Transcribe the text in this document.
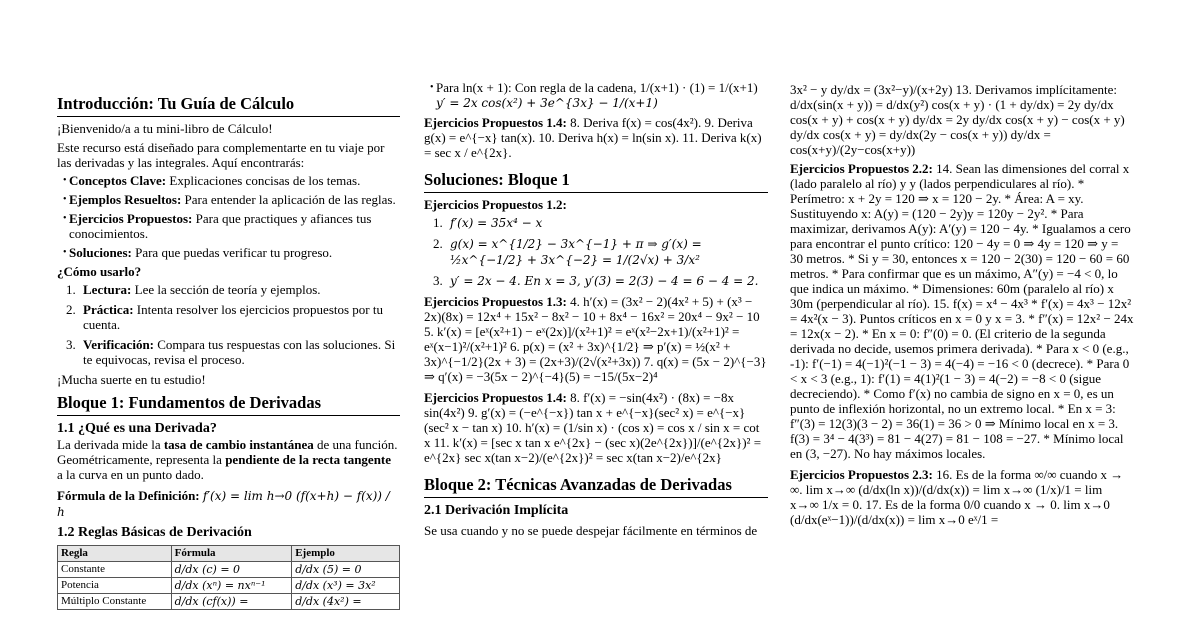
Introducción: Tu Guía de Cálculo

¡Bienvenido/a a tu mini-libro de Cálculo!

Este recurso está diseñado para complementarte en tu viaje por las derivadas y las integrales. Aquí encontrarás:

• Conceptos Clave: Explicaciones concisas de los temas.
• Ejemplos Resueltos: Para entender la aplicación de las reglas.
• Ejercicios Propuestos: Para que practiques y afiances tus conocimientos.
• Soluciones: Para que puedas verificar tu progreso.

¿Cómo usarlo?

1. Lectura: Lee la sección de teoría y ejemplos.
2. Práctica: Intenta resolver los ejercicios propuestos por tu cuenta.
3. Verificación: Compara tus respuestas con las soluciones. Si te equivocas, revisa el proceso.

¡Mucha suerte en tu estudio!

Bloque 1: Fundamentos de Derivadas
1.1 ¿Qué es una Derivada?

La derivada mide la tasa de cambio instantánea de una función. Geométricamente, representa la pendiente de la recta tangente a la curva en un punto dado.

Fórmula de la Definición: f′(x) = lim h→0 (f(x+h) − f(x)) / h

1.2 Reglas Básicas de Derivación
Regla	Fórmula	Ejemplo
Constante	d/dx (c) = 0	d/dx (5) = 0
Potencia	d/dx (xⁿ) = nxⁿ⁻¹	d/dx (x³) = 3x²
Múltiplo Constante	d/dx (cf(x)) =	d/dx (4x²) =
• Para ln(x + 1): Con regla de la cadena, 1/(x+1) · (1) = 1/(x+1)

y′ = 2x cos(x²) + 3e^{3x} − 1/(x+1)

Ejercicios Propuestos 1.4: 8. Deriva f(x) = cos(4x²). 9. Deriva g(x) = e^{−x} tan(x). 10. Deriva h(x) = ln(sin x). 11. Deriva k(x) = sec x / e^{2x}.

Soluciones: Bloque 1

Ejercicios Propuestos 1.2:

1. f′(x) = 35x⁴ − x
2. g(x) = x^{1/2} − 3x^{−1} + π ⇒ g′(x) = ½x^{−1/2} + 3x^{−2} = 1/(2√x) + 3/x²
3. y′ = 2x − 4. En x = 3, y′(3) = 2(3) − 4 = 6 − 4 = 2.

Ejercicios Propuestos 1.3: 4. h′(x) = (3x² − 2)(4x² + 5) + (x³ − 2x)(8x) = 12x⁴ + 15x² − 8x² − 10 + 8x⁴ − 16x² = 20x⁴ − 9x² − 10 5. k′(x) = [eˣ(x²+1) − eˣ(2x)]/(x²+1)² = eˣ(x²−2x+1)/(x²+1)² = eˣ(x−1)²/(x²+1)² 6. p(x) = (x² + 3x)^{1/2} ⇒ p′(x) = ½(x² + 3x)^{−1/2}(2x + 3) = (2x+3)/(2√(x²+3x)) 7. q(x) = (5x − 2)^{−3} ⇒ q′(x) = −3(5x − 2)^{−4}(5) = −15/(5x−2)⁴

Ejercicios Propuestos 1.4: 8. f′(x) = −sin(4x²) · (8x) = −8x sin(4x²) 9. g′(x) = (−e^{−x}) tan x + e^{−x}(sec² x) = e^{−x}(sec² x − tan x) 10. h′(x) = (1/sin x) · (cos x) = cos x / sin x = cot x 11. k′(x) = [sec x tan x e^{2x} − (sec x)(2e^{2x})]/(e^{2x})² = e^{2x} sec x(tan x−2)/(e^{2x})² = sec x(tan x−2)/e^{2x}

Bloque 2: Técnicas Avanzadas de Derivadas
2.1 Derivación Implícita

Se usa cuando y no se puede despejar fácilmente en términos de

3x² − y dy/dx = (3x²−y)/(x+2y) 13. Derivamos implícitamente: d/dx(sin(x + y)) = d/dx(y²) cos(x + y) · (1 + dy/dx) = 2y dy/dx cos(x + y) + cos(x + y) dy/dx = 2y dy/dx cos(x + y) − cos(x + y) dy/dx cos(x + y) = dy/dx(2y − cos(x + y)) dy/dx = cos(x+y)/(2y−cos(x+y))

Ejercicios Propuestos 2.2: 14. Sean las dimensiones del corral x (lado paralelo al río) y y (lados perpendiculares al río). * Perímetro: x + 2y = 120 ⇒ x = 120 − 2y. * Área: A = xy. Sustituyendo x: A(y) = (120 − 2y)y = 120y − 2y². * Para maximizar, derivamos A(y): A′(y) = 120 − 4y. * Igualamos a cero para encontrar el punto crítico: 120 − 4y = 0 ⇒ 4y = 120 ⇒ y = 30 metros. * Si y = 30, entonces x = 120 − 2(30) = 120 − 60 = 60 metros. * Para confirmar que es un máximo, A″(y) = −4 < 0, lo que indica un máximo. * Dimensiones: 60m (paralelo al río) x 30m (perpendicular al río). 15. f(x) = x⁴ − 4x³ * f′(x) = 4x³ − 12x² = 4x²(x − 3). Puntos críticos en x = 0 y x = 3. * f″(x) = 12x² − 24x = 12x(x − 2). * En x = 0: f″(0) = 0. (El criterio de la segunda derivada no decide, usemos primera derivada). * Para x < 0 (e.g., -1): f′(−1) = 4(−1)²(−1 − 3) = 4(−4) = −16 < 0 (decrece). * Para 0 < x < 3 (e.g., 1): f′(1) = 4(1)²(1 − 3) = 4(−2) = −8 < 0 (sigue decreciendo). * Como f′(x) no cambia de signo en x = 0, es un punto de inflexión horizontal, no un extremo local. * En x = 3: f″(3) = 12(3)(3 − 2) = 36(1) = 36 > 0 ⇒ Mínimo local en x = 3. f(3) = 3⁴ − 4(3³) = 81 − 4(27) = 81 − 108 = −27. * Mínimo local en (3, −27). No hay máximos locales.

Ejercicios Propuestos 2.3: 16. Es de la forma ∞/∞ cuando x → ∞. lim x→∞ (d/dx(ln x))/(d/dx(x)) = lim x→∞ (1/x)/1 = lim x→∞ 1/x = 0. 17. Es de la forma 0/0 cuando x → 0. lim x→0 (d/dx(eˣ−1))/(d/dx(x)) = lim x→0 eˣ/1 =
